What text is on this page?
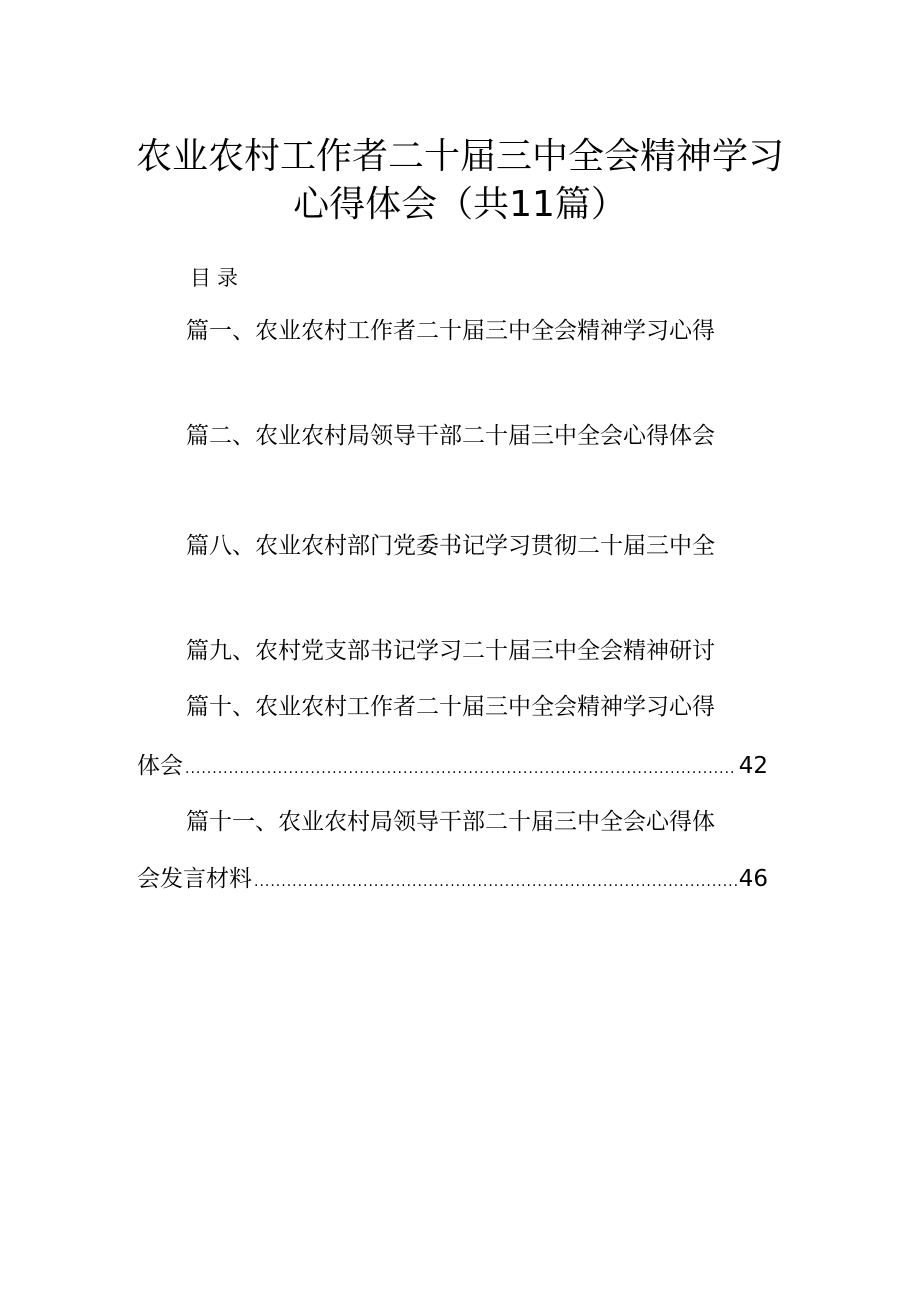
农业农村工作者二十届三中全会精神学习
心得体会（共11篇）
目录
篇一、农业农村工作者二十届三中全会精神学习心得
篇二、农业农村局领导干部二十届三中全会心得体会
篇八、农业农村部门党委书记学习贯彻二十届三中全
篇九、农村党支部书记学习二十届三中全会精神研讨
篇十、农业农村工作者二十届三中全会精神学习心得
体会 .....	42
篇十一、农业农村局领导干部二十届三中全会心得体
会发言材料 .....	46
